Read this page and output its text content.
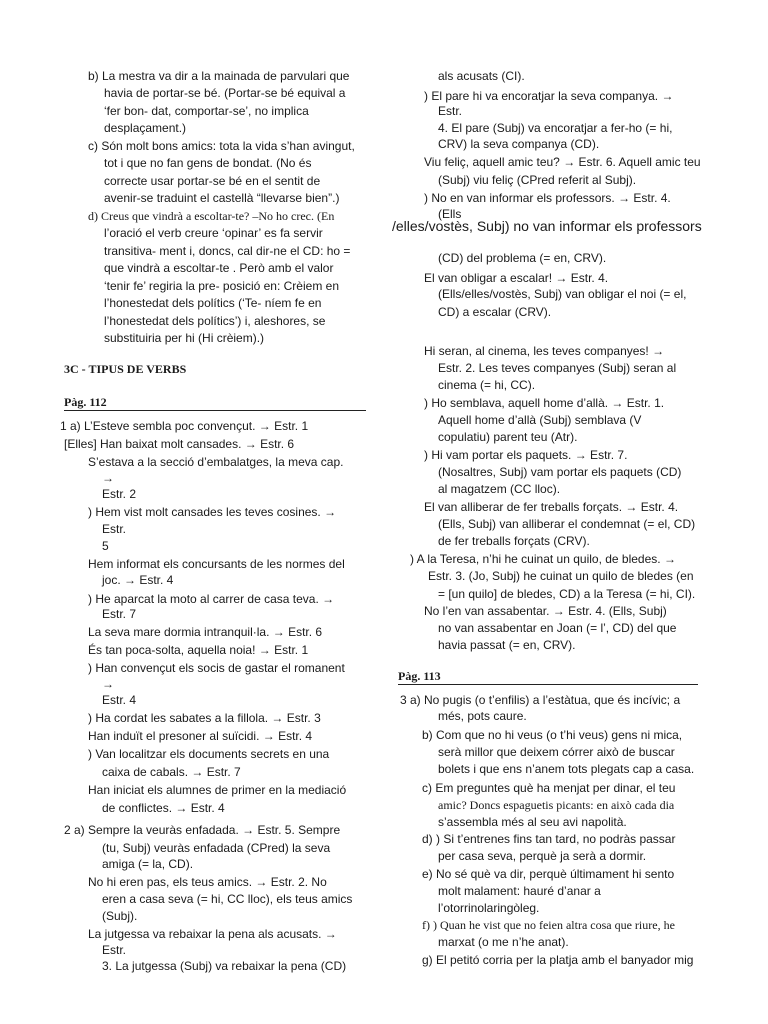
b) La mestra va dir a la mainada de parvulari que
havia de portar-se bé. (Portar-se bé equival a
‘fer bon- dat, comportar-se’, no implica
desplaçament.)
c) Són molt bons amics: tota la vida s’han avingut,
tot i que no fan gens de bondat. (No és
correcte usar portar-se bé en el sentit de
avenir-se traduint el castellà “llevarse bien”.)
d) Creus que vindrà a escoltar-te? –No ho crec. (En
l’oració el verb creure ‘opinar’ es fa servir
transitiva- ment i, doncs, cal dir-ne el CD: ho =
que vindrà a escoltar-te . Però amb el valor
‘tenir fe’ regiria la pre- posició en: Crèiem en
l’honestedat dels polítics (‘Te- níem fe en
l’honestedat dels polítics’) i, aleshores, se
substituiria per hi (Hi crèiem).)
3C - TIPUS DE VERBS
Pàg. 112
1 a) L’Esteve sembla poc convençut. → Estr. 1
[Elles] Han baixat molt cansades. → Estr. 6
S’estava a la secció d’embalatges, la meva cap.
→
Estr. 2
) Hem vist molt cansades les teves cosines. →
Estr.
5
Hem informat els concursants de les normes del
joc. → Estr. 4
) He aparcat la moto al carrer de casa teva. →
Estr. 7
La seva mare dormia intranquil·la. → Estr. 6
És tan poca-solta, aquella noia! → Estr. 1
) Han convençut els socis de gastar el romanent
→
Estr. 4
) Ha cordat les sabates a la fillola. → Estr. 3
Han induït el presoner al suïcidi. → Estr. 4
) Van localitzar els documents secrets en una
caixa de cabals. → Estr. 7
Han iniciat els alumnes de primer en la mediació
de conflictes. → Estr. 4
2 a) Sempre la veuràs enfadada. → Estr. 5. Sempre
(tu, Subj) veuràs enfadada (CPred) la seva
amiga (= la, CD).
No hi eren pas, els teus amics. → Estr. 2. No
eren a casa seva (= hi, CC lloc), els teus amics
(Subj).
La jutgessa va rebaixar la pena als acusats. →
Estr.
3. La jutgessa (Subj) va rebaixar la pena (CD)
als acusats (CI).
) El pare hi va encoratjar la seva companya. →
Estr.
4. El pare (Subj) va encoratjar a fer-ho (= hi,
CRV) la seva companya (CD).
Viu feliç, aquell amic teu? → Estr. 6. Aquell amic teu
(Subj) viu feliç (CPred referit al Subj).
) No en van informar els professors. → Estr. 4.
(Ells
/elles/vostès, Subj) no van informar els professors
(CD) del problema (= en, CRV).
El van obligar a escalar! → Estr. 4.
(Ells/elles/vostès, Subj) van obligar el noi (= el,
CD) a escalar (CRV).
Hi seran, al cinema, les teves companyes! →
Estr. 2. Les teves companyes (Subj) seran al
cinema (= hi, CC).
) Ho semblava, aquell home d’allà. → Estr. 1.
Aquell home d’allà (Subj) semblava (V
copulatiu) parent teu (Atr).
) Hi vam portar els paquets. → Estr. 7.
(Nosaltres, Subj) vam portar els paquets (CD)
al magatzem (CC lloc).
El van alliberar de fer treballs forçats. → Estr. 4.
(Ells, Subj) van alliberar el condemnat (= el, CD)
de fer treballs forçats (CRV).
) A la Teresa, n’hi he cuinat un quilo, de bledes. →
Estr. 3. (Jo, Subj) he cuinat un quilo de bledes (en
= [un quilo] de bledes, CD) a la Teresa (= hi, CI).
No l’en van assabentar. → Estr. 4. (Ells, Subj)
no van assabentar en Joan (= l’, CD) del que
havia passat (= en, CRV).
Pàg. 113
3 a) No pugis (o t’enfilis) a l’estàtua, que és incívic; a
més, pots caure.
b) Com que no hi veus (o t’hi veus) gens ni mica,
serà millor que deixem córrer això de buscar
bolets i que ens n’anem tots plegats cap a casa.
c) Em preguntes què ha menjat per dinar, el teu
amic? Doncs espaguetis picants: en això cada dia
s’assembla més al seu avi napolità.
d) ) Si t’entrenes fins tan tard, no podràs passar
per casa seva, perquè ja serà a dormir.
e) No sé què va dir, perquè últimament hi sento
molt malament: hauré d’anar a
l’otorrinolaringòleg.
f) ) Quan he vist que no feien altra cosa que riure, he
marxat (o me n’he anat).
g) El petitó corria per la platja amb el banyador mig
